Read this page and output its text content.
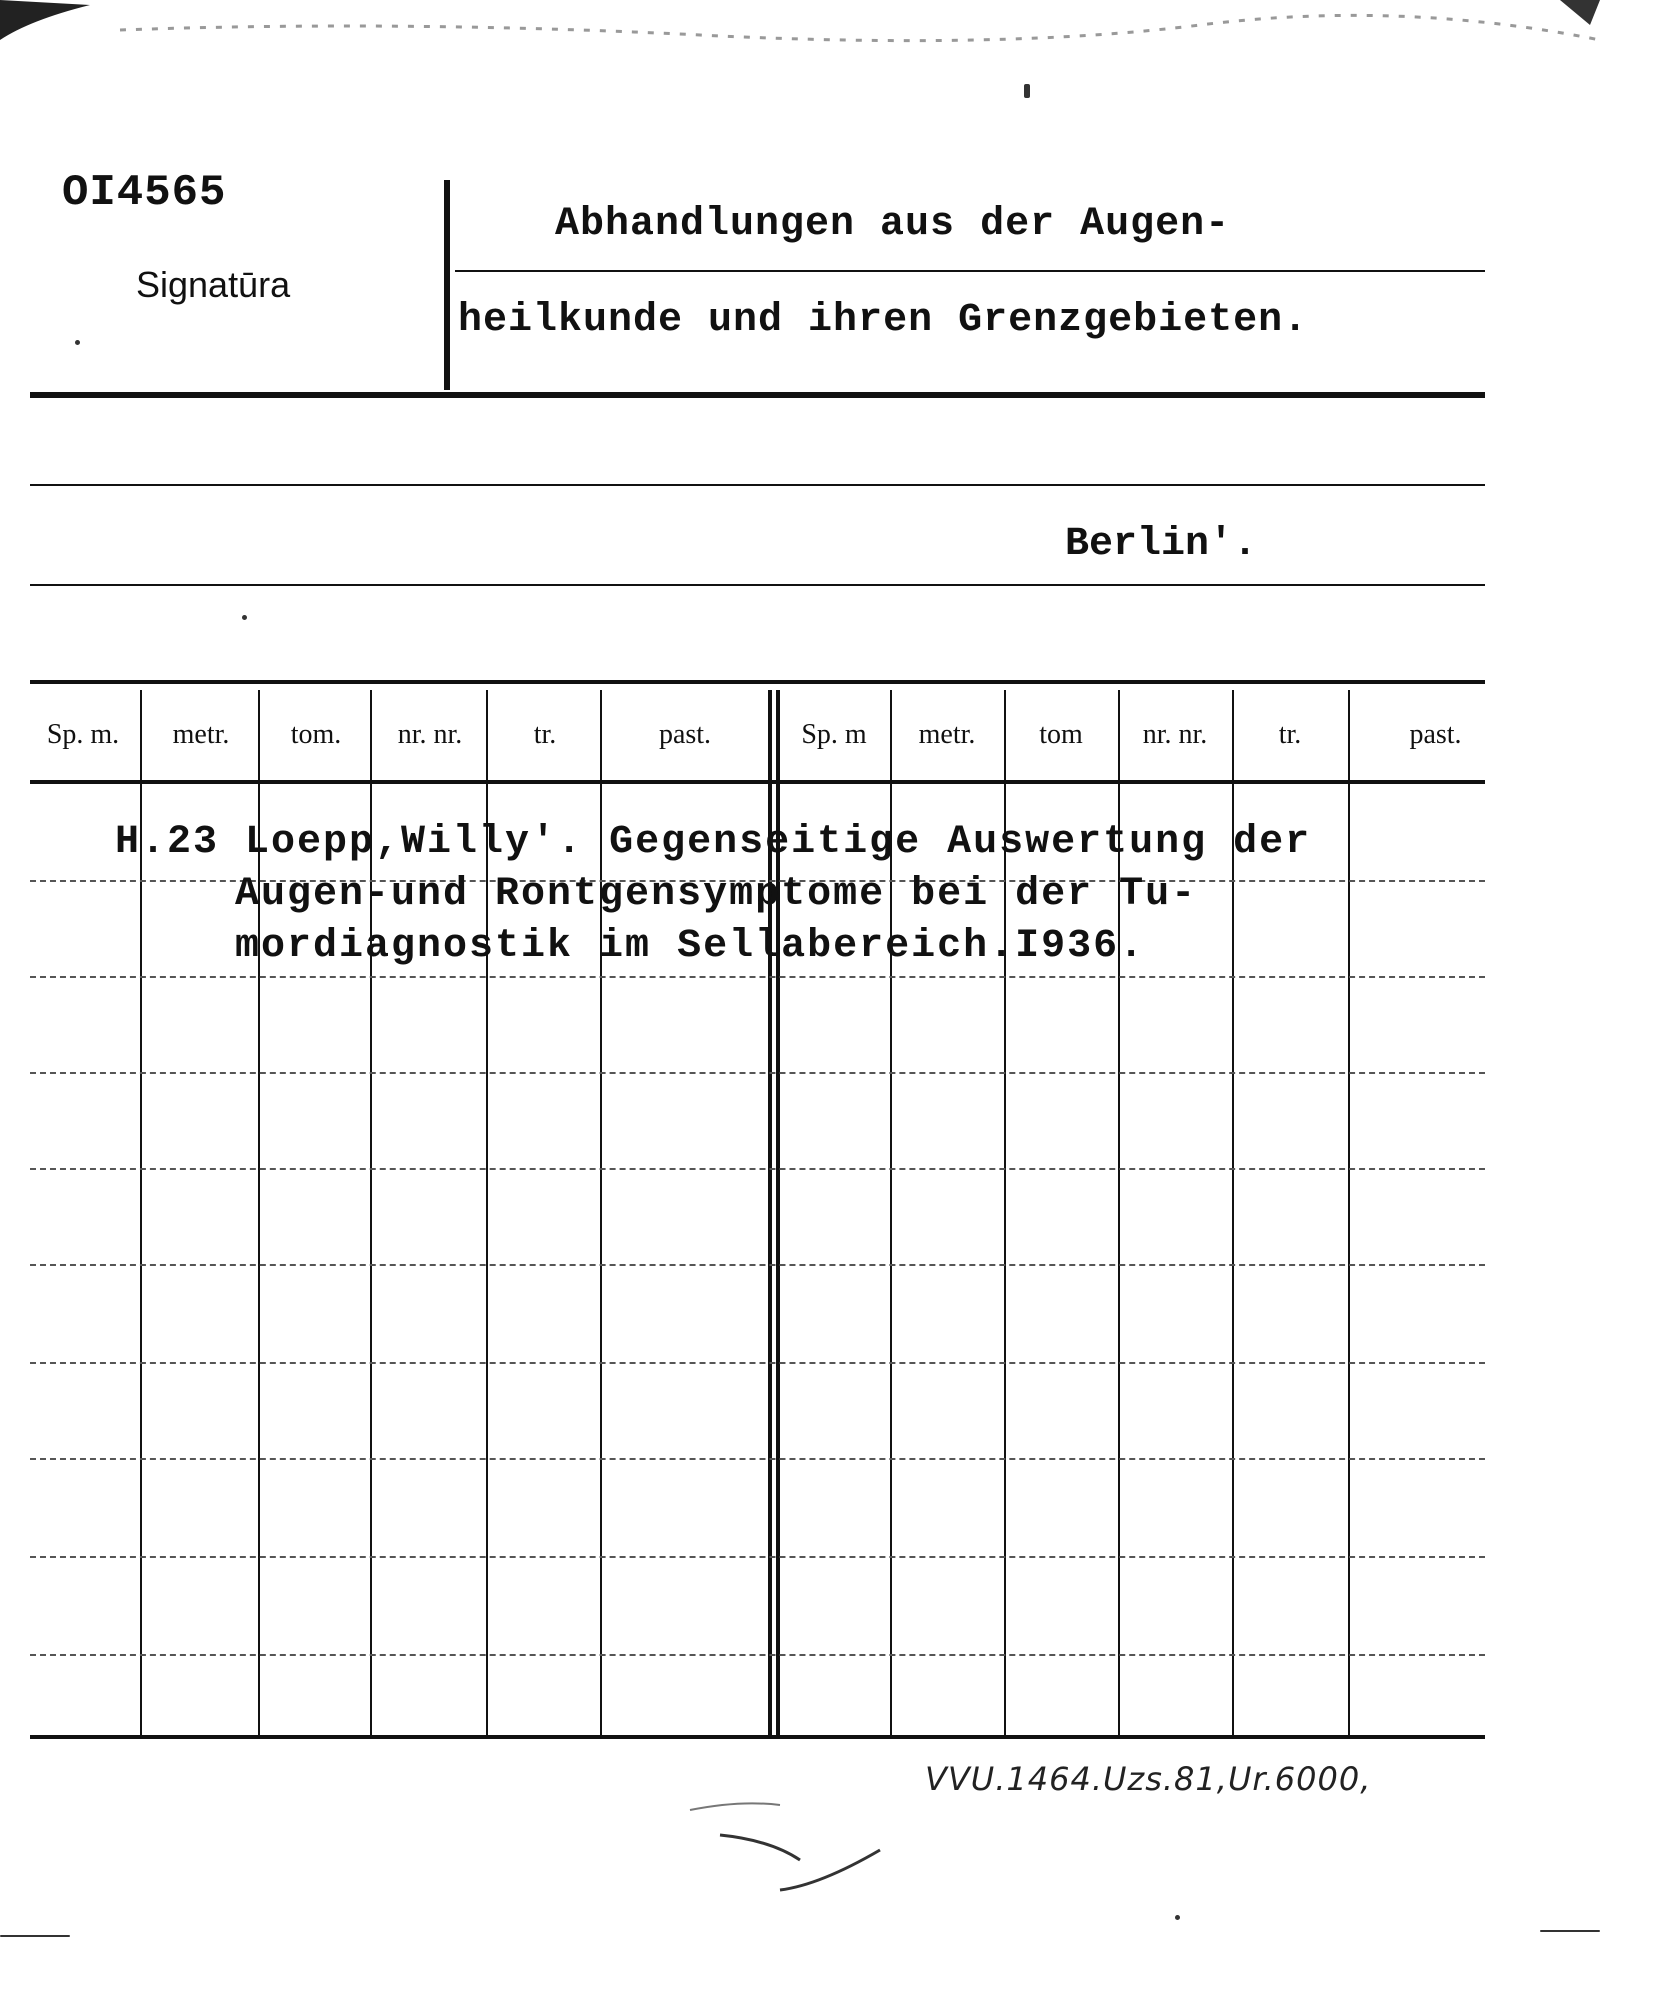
OI4565
Signatūra
Abhandlungen aus der Augen-
heilkunde und ihren Grenzgebieten.
Berlin'.
Sp. m.	metr.	tom.	nr. nr.	tr.	past.	Sp. m	metr.	tom	nr. nr.	tr.	past.
H.23 Loepp,Willy'. Gegenseitige Auswertung der
Augen-und Rontgensymptome bei der Tu-
mordiagnostik im Sellabereich.I936.
VVU.1464.Uzs.81,Ur.6000,
